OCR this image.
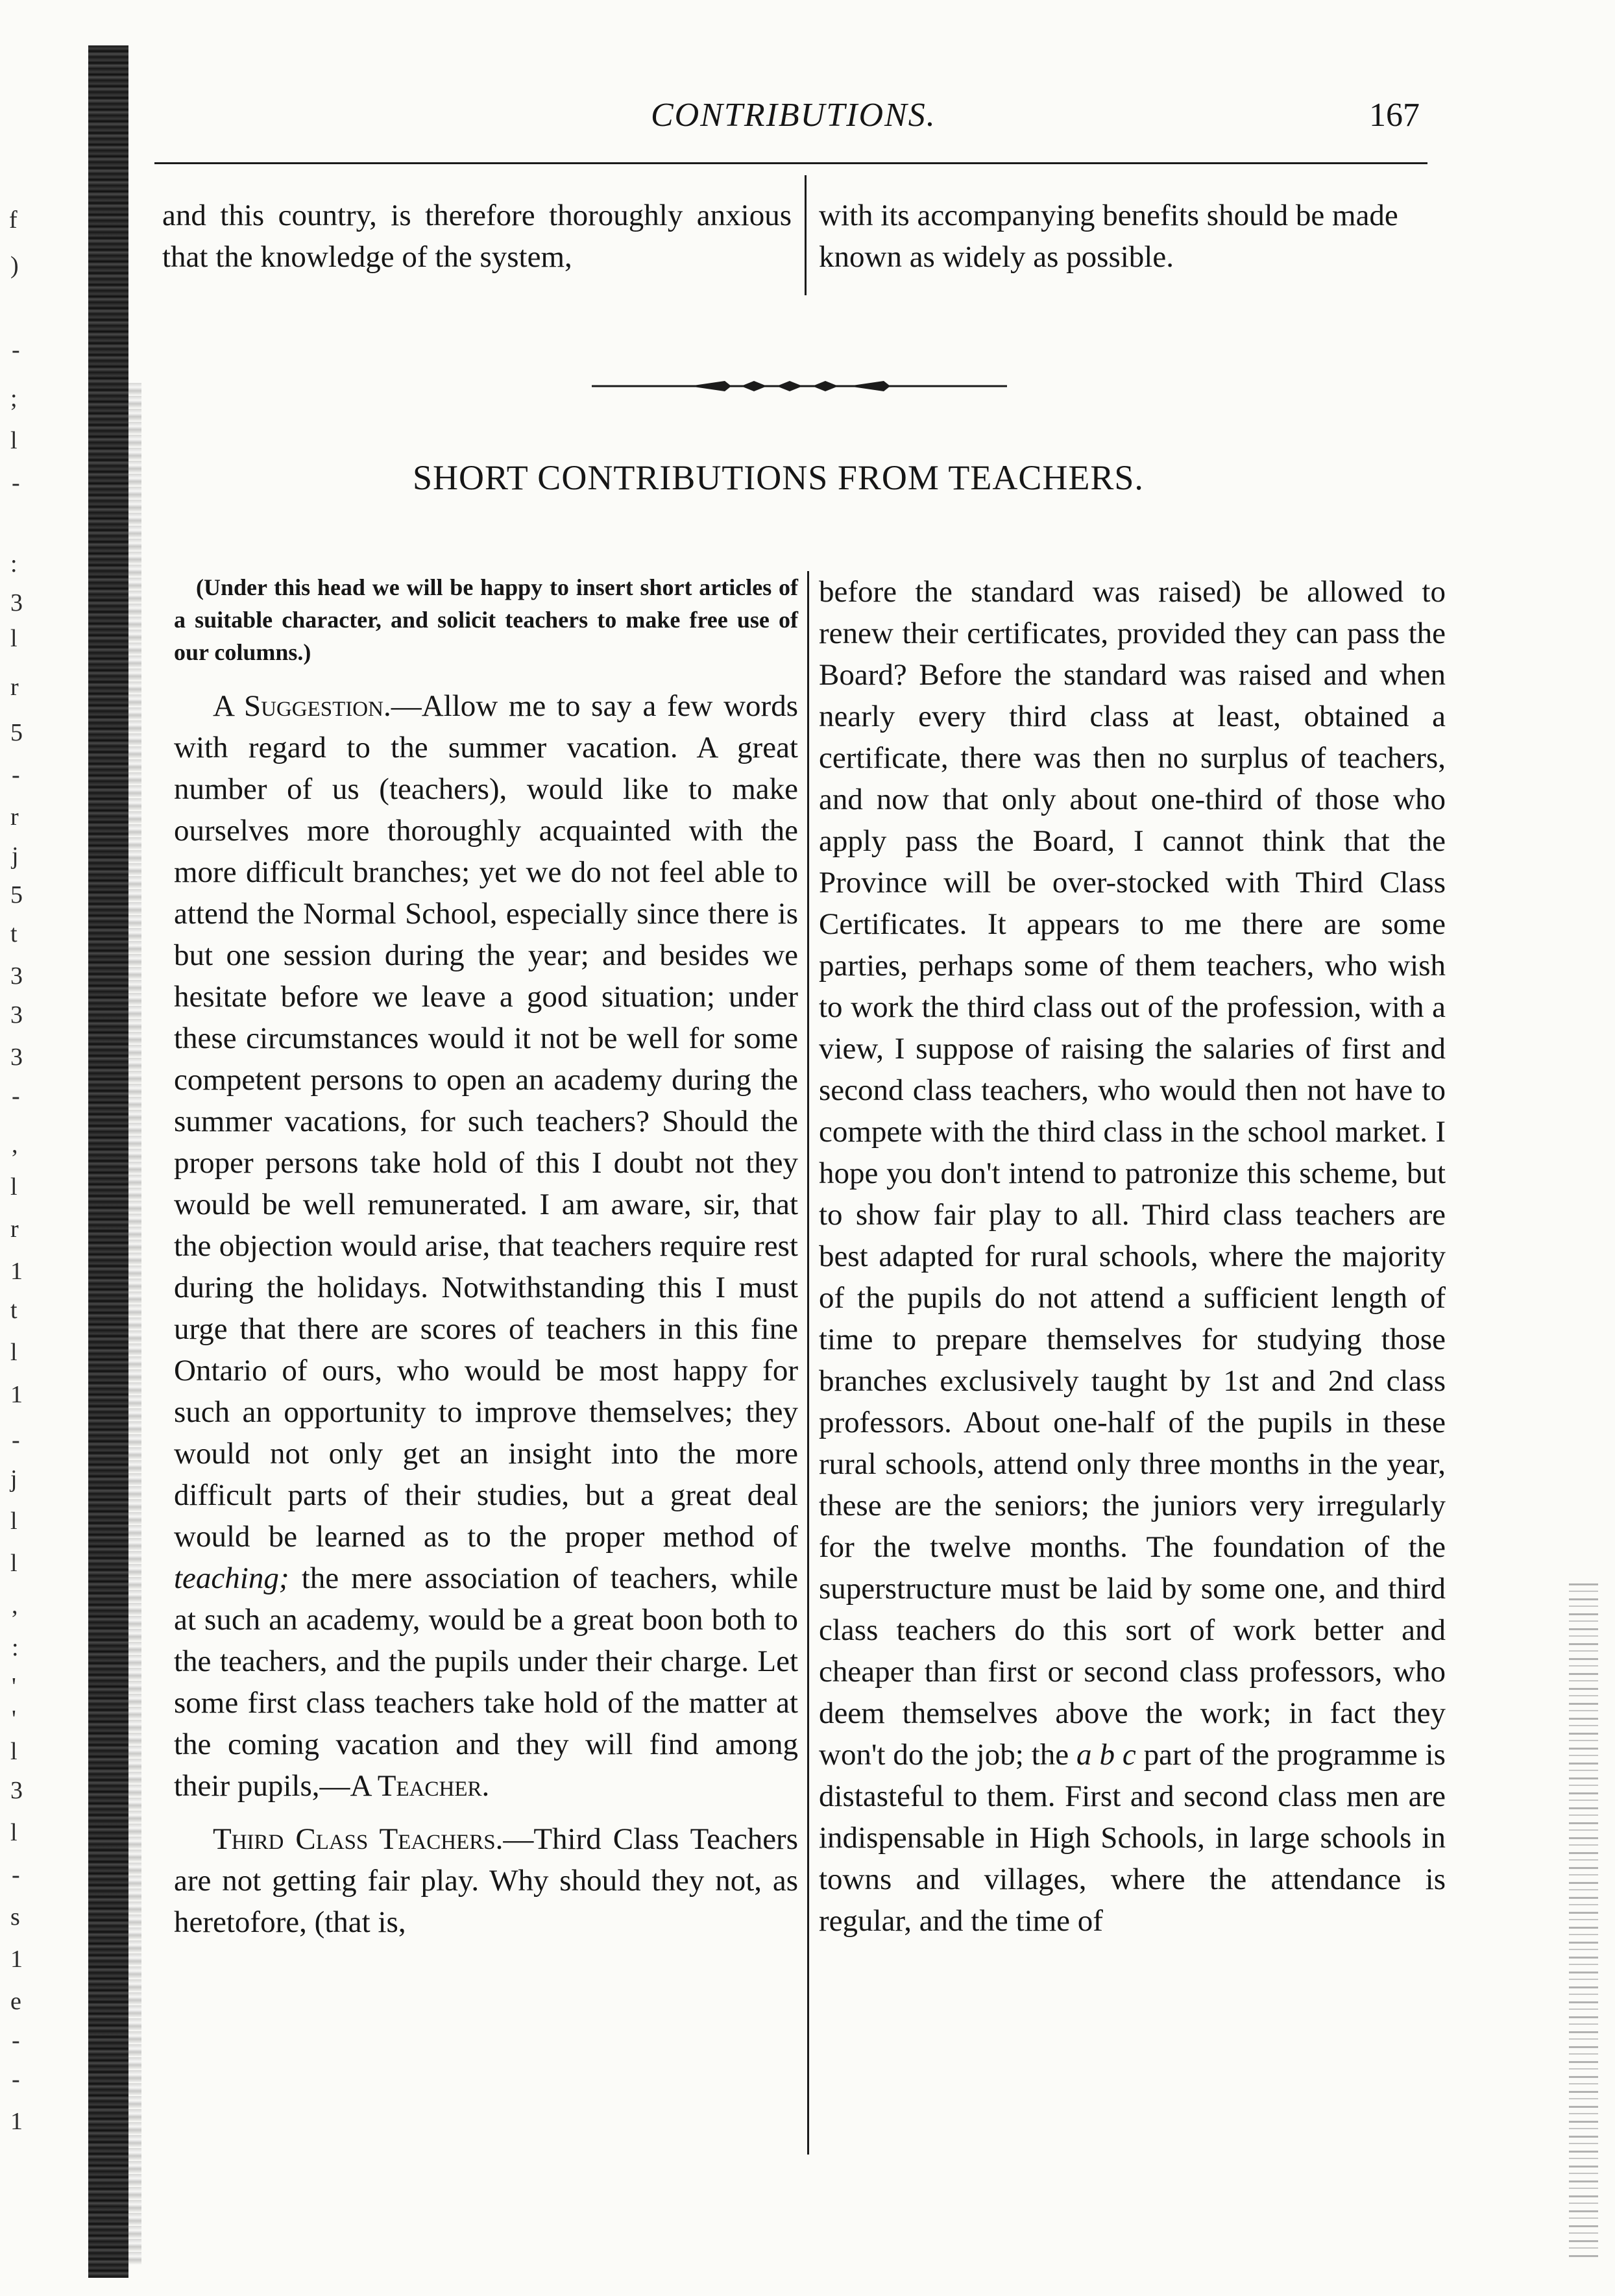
f
)
-
;
l
-
:
3
l
r
5
-
r
j
5
t
3
3
3
-
,
l
r
1
t
l
1
-
j
l
l
,
:
'
'
l
3
l
-
s
1
e
-
-
1
CONTRIBUTIONS.	167
and this country, is therefore thoroughly anxious that the knowledge of the system,
with its accompanying benefits should be made known as widely as possible.
SHORT CONTRIBUTIONS FROM TEACHERS.

(Under this head we will be happy to insert short articles of a suitable character, and solicit teachers to make free use of our columns.)

A Suggestion.—Allow me to say a few words with regard to the summer vacation. A great number of us (teachers), would like to make ourselves more thoroughly acquainted with the more difficult branches; yet we do not feel able to attend the Normal School, especially since there is but one session during the year; and besides we hesitate before we leave a good situation; under these circumstances would it not be well for some competent persons to open an academy during the summer vacations, for such teachers? Should the proper persons take hold of this I doubt not they would be well remunerated. I am aware, sir, that the objection would arise, that teachers require rest during the holidays. Notwithstanding this I must urge that there are scores of teachers in this fine Ontario of ours, who would be most happy for such an opportunity to improve themselves; they would not only get an insight into the more difficult parts of their studies, but a great deal would be learned as to the proper method of teaching; the mere association of teachers, while at such an academy, would be a great boon both to the teachers, and the pupils under their charge. Let some first class teachers take hold of the matter at the coming vacation and they will find among their pupils,—A Teacher.

Third Class Teachers.—Third Class Teachers are not getting fair play. Why should they not, as heretofore, (that is,

before the standard was raised) be allowed to renew their certificates, provided they can pass the Board? Before the standard was raised and when nearly every third class at least, obtained a certificate, there was then no surplus of teachers, and now that only about one-third of those who apply pass the Board, I cannot think that the Province will be over-stocked with Third Class Certificates. It appears to me there are some parties, perhaps some of them teachers, who wish to work the third class out of the profession, with a view, I suppose of raising the salaries of first and second class teachers, who would then not have to compete with the third class in the school market. I hope you don't intend to patronize this scheme, but to show fair play to all. Third class teachers are best adapted for rural schools, where the majority of the pupils do not attend a sufficient length of time to prepare themselves for studying those branches exclusively taught by 1st and 2nd class professors. About one-half of the pupils in these rural schools, attend only three months in the year, these are the seniors; the juniors very irregularly for the twelve months. The foundation of the superstructure must be laid by some one, and third class teachers do this sort of work better and cheaper than first or second class professors, who deem themselves above the work; in fact they won't do the job; the a b c part of the programme is distasteful to them. First and second class men are indispensable in High Schools, in large schools in towns and villages, where the attendance is regular, and the time of
